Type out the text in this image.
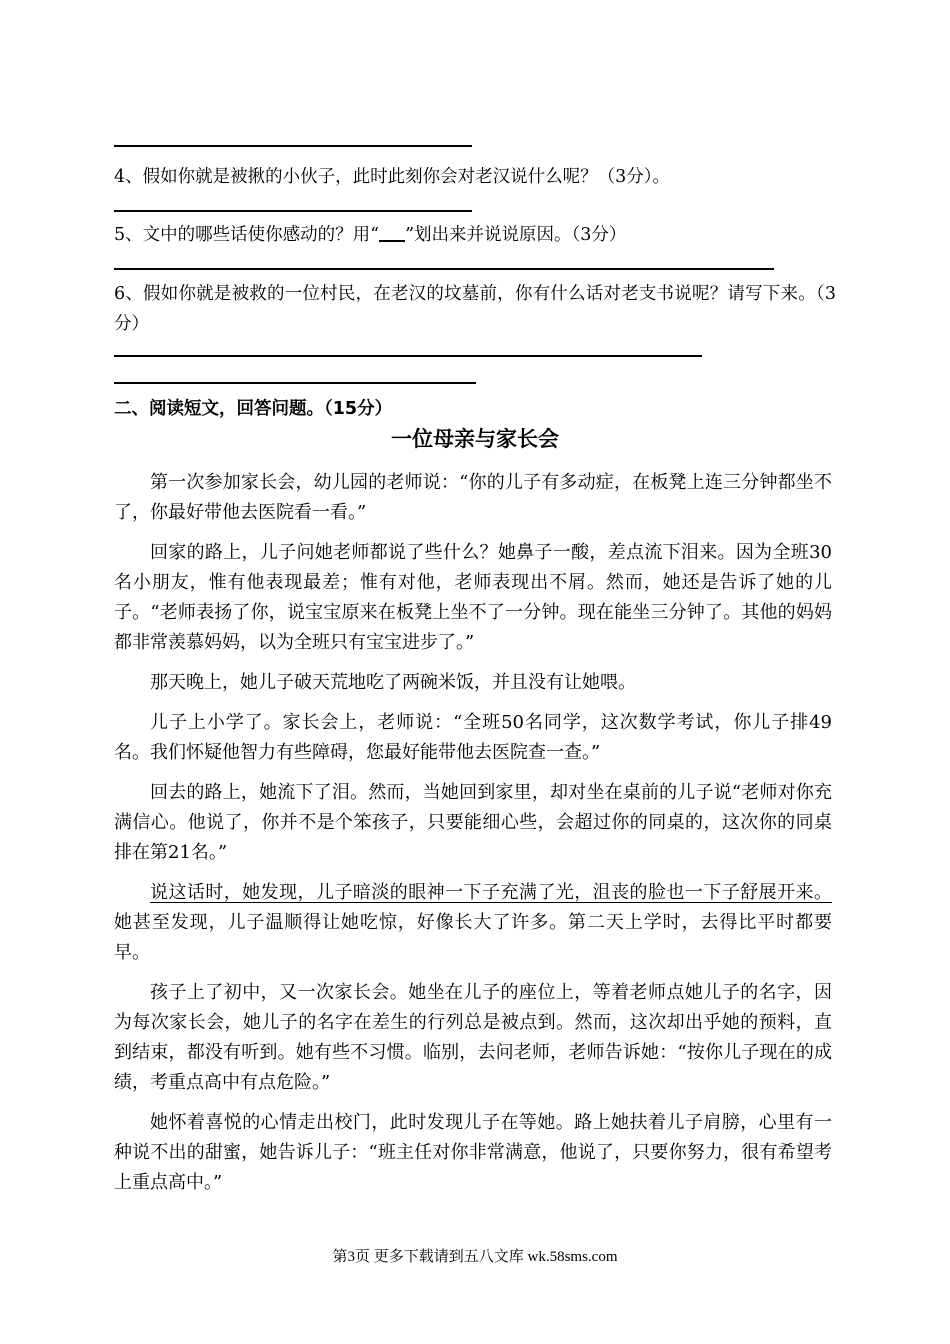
4、假如你就是被揪的小伙子，此时此刻你会对老汉说什么呢？（3分）。
5、文中的哪些话使你感动的？用“ ”划出来并说说原因。（3分）
6、假如你就是被救的一位村民，在老汉的坟墓前，你有什么话对老支书说呢？请写下来。（3分）
二、阅读短文，回答问题。（15分）
一位母亲与家长会

第一次参加家长会，幼儿园的老师说：“你的儿子有多动症，在板凳上连三分钟都坐不了，你最好带他去医院看一看。”

回家的路上，儿子问她老师都说了些什么？她鼻子一酸，差点流下泪来。因为全班30名小朋友，惟有他表现最差；惟有对他，老师表现出不屑。然而，她还是告诉了她的儿子。“老师表扬了你，说宝宝原来在板凳上坐不了一分钟。现在能坐三分钟了。其他的妈妈都非常羡慕妈妈，以为全班只有宝宝进步了。”

那天晚上，她儿子破天荒地吃了两碗米饭，并且没有让她喂。

儿子上小学了。家长会上，老师说：“全班50名同学，这次数学考试，你儿子排49名。我们怀疑他智力有些障碍，您最好能带他去医院查一查。”

回去的路上，她流下了泪。然而，当她回到家里，却对坐在桌前的儿子说“老师对你充满信心。他说了，你并不是个笨孩子，只要能细心些，会超过你的同桌的，这次你的同桌排在第21名。”

说这话时，她发现，儿子暗淡的眼神一下子充满了光，沮丧的脸也一下子舒展开来。她甚至发现，儿子温顺得让她吃惊，好像长大了许多。第二天上学时，去得比平时都要早。

孩子上了初中，又一次家长会。她坐在儿子的座位上，等着老师点她儿子的名字，因为每次家长会，她儿子的名字在差生的行列总是被点到。然而，这次却出乎她的预料，直到结束，都没有听到。她有些不习惯。临别，去问老师，老师告诉她：“按你儿子现在的成绩，考重点高中有点危险。”

她怀着喜悦的心情走出校门，此时发现儿子在等她。路上她扶着儿子肩膀，心里有一种说不出的甜蜜，她告诉儿子：“班主任对你非常满意，他说了，只要你努力，很有希望考上重点高中。”

第3页 更多下载请到五八文库 wk.58sms.com
